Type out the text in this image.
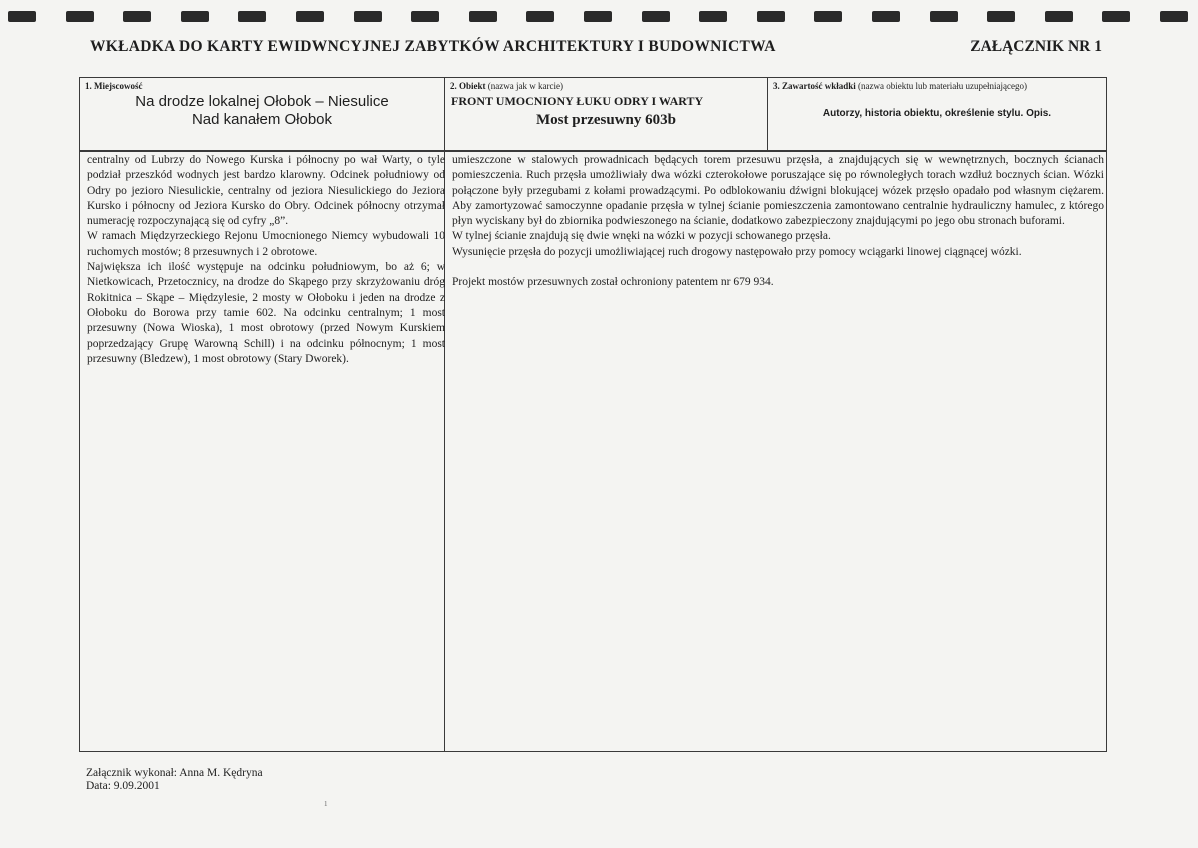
WKŁADKA DO KARTY EWIDWNCYJNEJ ZABYTKÓW ARCHITEKTURY I BUDOWNICTWA	ZAŁĄCZNIK NR 1
1. Miejscowość
Na drodze lokalnej Ołobok – Niesulice
Nad kanałem Ołobok
2. Obiekt (nazwa jak w karcie)
FRONT UMOCNIONY ŁUKU ODRY I WARTY
Most przesuwny 603b
3. Zawartość wkładki (nazwa obiektu lub materiału uzupełniającego)
Autorzy, historia obiektu, określenie stylu. Opis.

centralny od Lubrzy do Nowego Kurska i północny po wał Warty, o tyle podział przeszkód wodnych jest bardzo klarowny. Odcinek południowy od Odry po jezioro Niesulickie, centralny od jeziora Niesulickiego do Jeziora Kursko i północny od Jeziora Kursko do Obry. Odcinek północny otrzymał numerację rozpoczynającą się od cyfry „8”.

W ramach Międzyrzeckiego Rejonu Umocnionego Niemcy wybudowali 10 ruchomych mostów; 8 przesuwnych i 2 obrotowe.

Największa ich ilość występuje na odcinku południowym, bo aż 6; w Nietkowicach, Przetocznicy, na drodze do Skąpego przy skrzyżowaniu dróg Rokitnica – Skąpe – Międzylesie, 2 mosty w Ołoboku i jeden na drodze z Ołoboku do Borowa przy tamie 602. Na odcinku centralnym; 1 most przesuwny (Nowa Wioska), 1 most obrotowy (przed Nowym Kurskiem poprzedzający Grupę Warowną Schill) i na odcinku północnym; 1 most przesuwny (Bledzew), 1 most obrotowy (Stary Dworek).

umieszczone w stalowych prowadnicach będących torem przesuwu przęsła, a znajdujących się w wewnętrznych, bocznych ścianach pomieszczenia. Ruch przęsła umożliwiały dwa wózki czterokołowe poruszające się po równoległych torach wzdłuż bocznych ścian. Wózki połączone były przegubami z kołami prowadzącymi. Po odblokowaniu dźwigni blokującej wózek przęsło opadało pod własnym ciężarem. Aby zamortyzować samoczynne opadanie przęsła w tylnej ścianie pomieszczenia zamontowano centralnie hydrauliczny hamulec, z którego płyn wyciskany był do zbiornika podwieszonego na ścianie, dodatkowo zabezpieczony znajdującymi po jego obu stronach buforami.

W tylnej ścianie znajdują się dwie wnęki na wózki w pozycji schowanego przęsła.

Wysunięcie przęsła do pozycji umożliwiającej ruch drogowy następowało przy pomocy wciągarki linowej ciągnącej wózki.

Projekt mostów przesuwnych został ochroniony patentem nr 679 934.

Załącznik wykonał: Anna M. Kędryna
Data: 9.09.2001
1
